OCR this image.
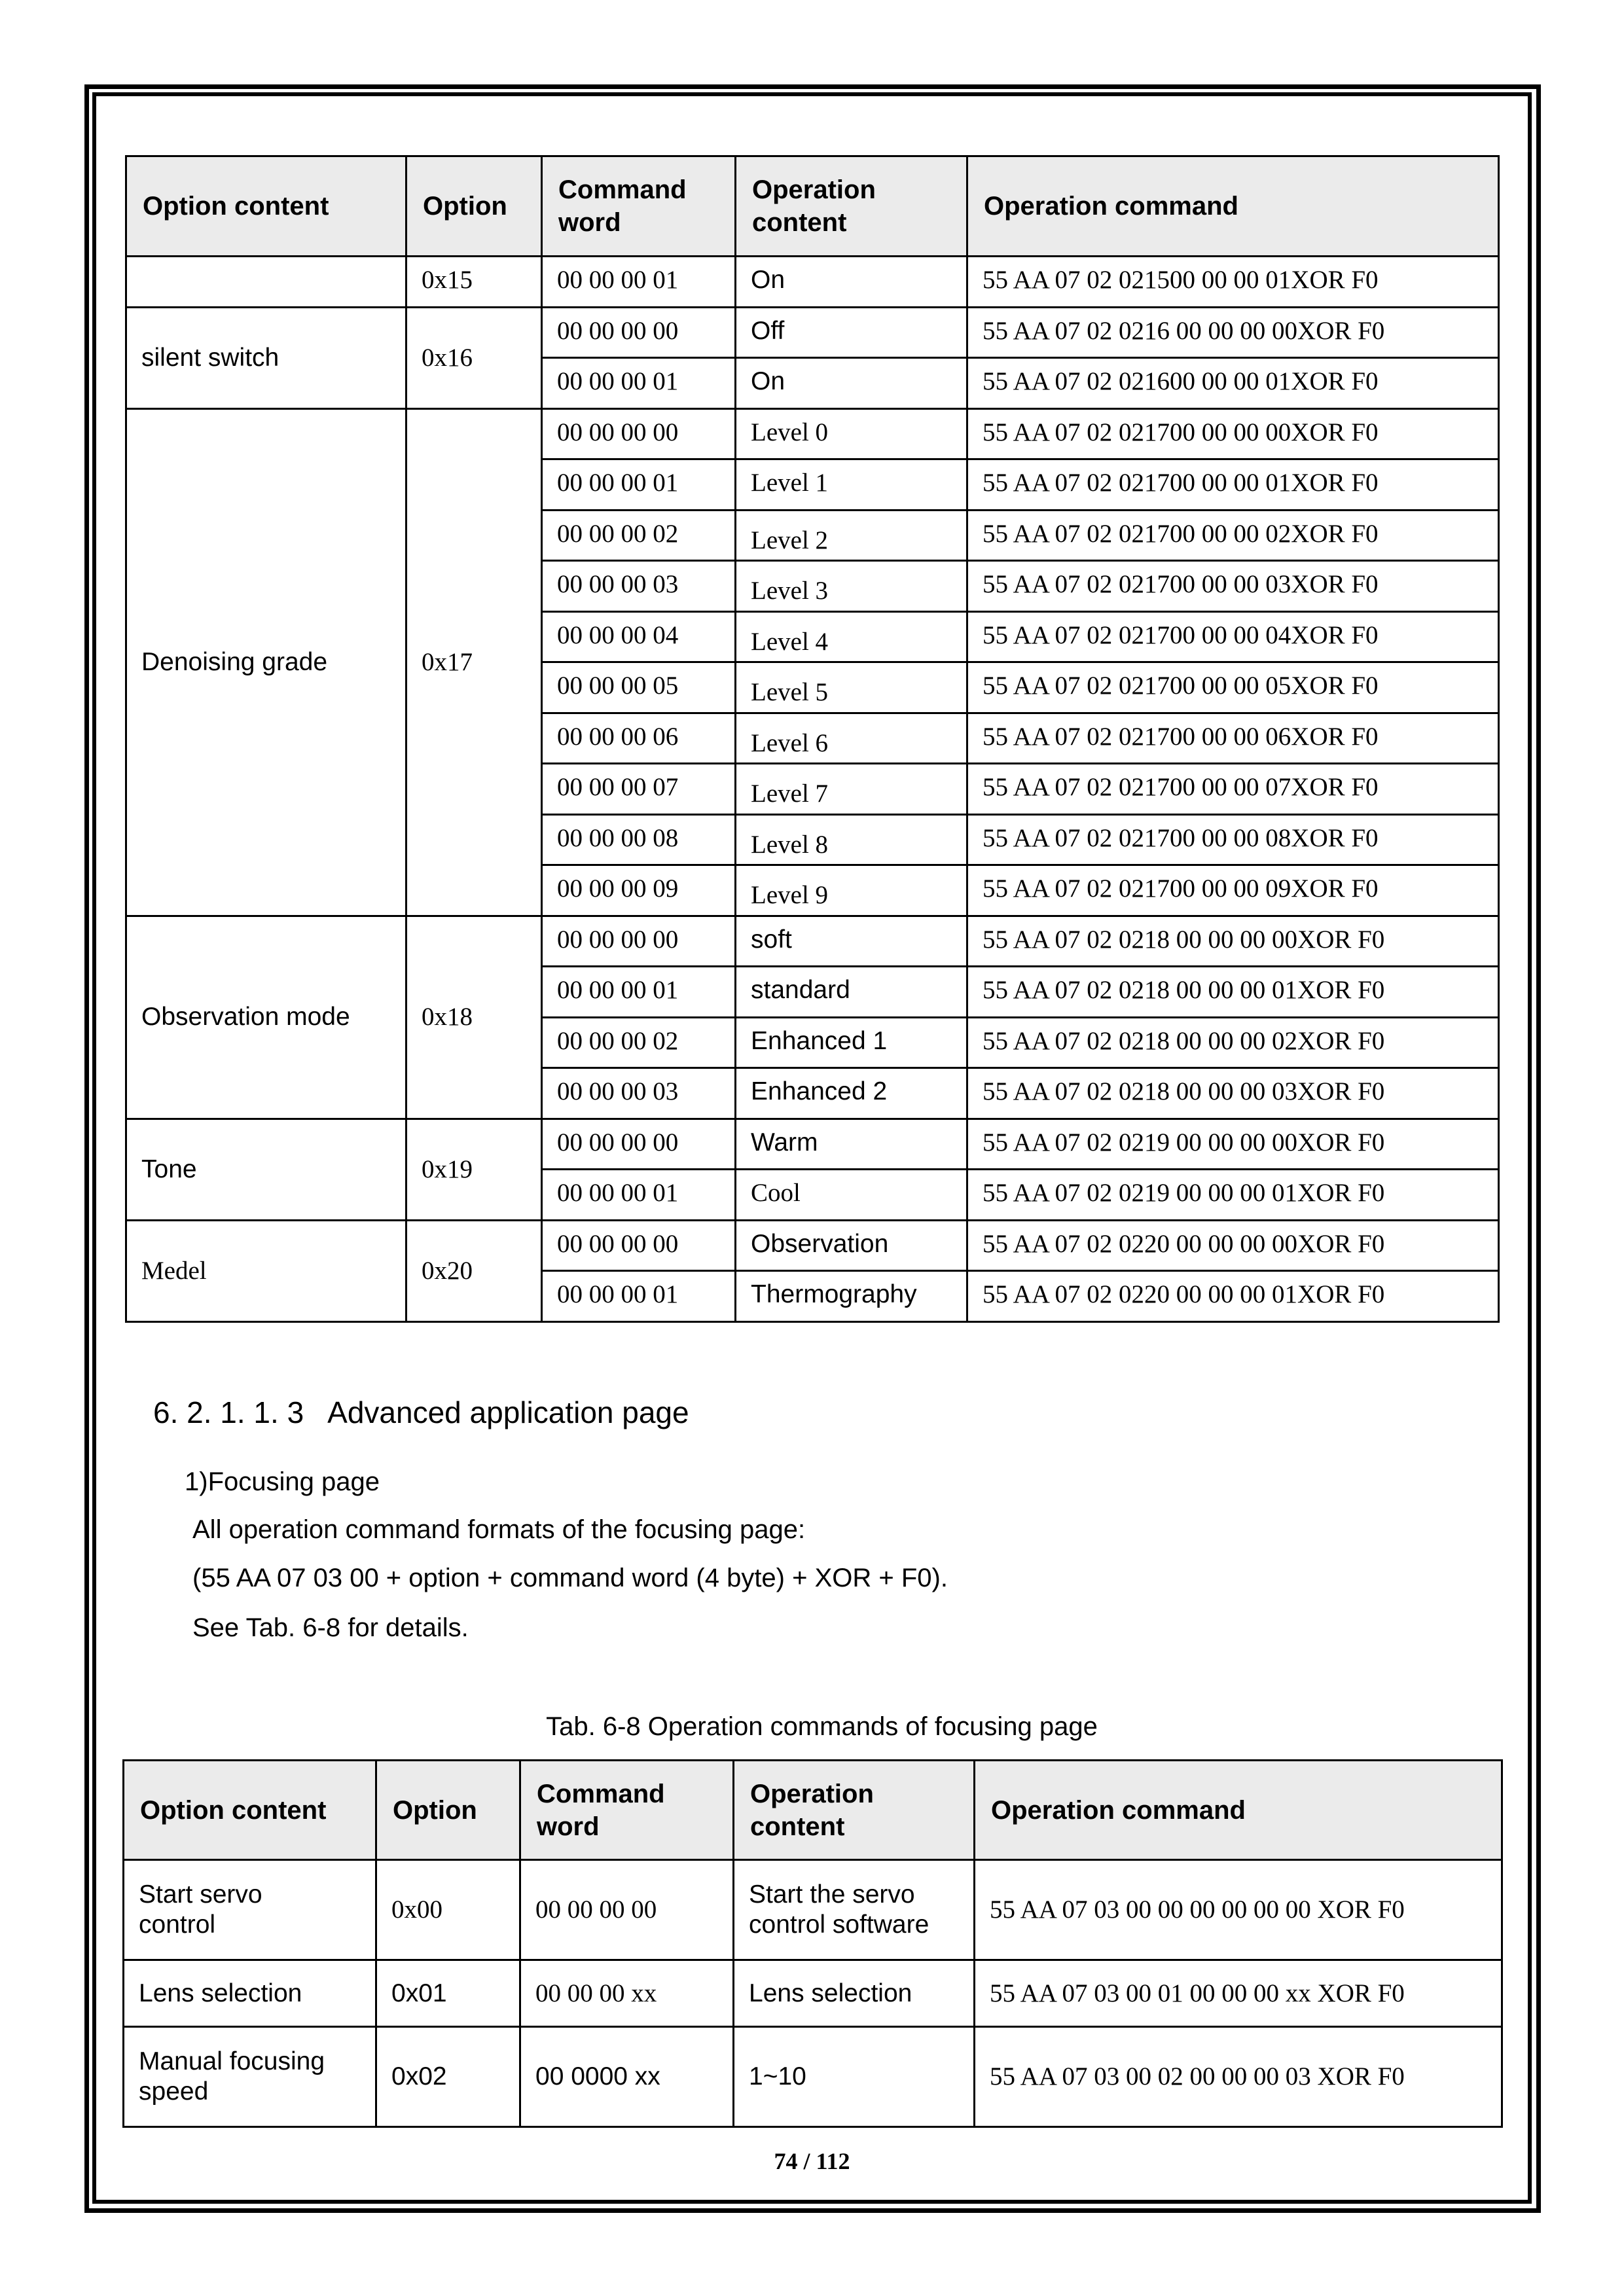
Option content	Option	Command word	Operation content	Operation command
	0x15	00 00 00 01	On	55 AA 07 02 021500 00 00 01XOR F0
silent switch	0x16	00 00 00 00	Off	55 AA 07 02 0216 00 00 00 00XOR F0
		00 00 00 01	On	55 AA 07 02 021600 00 00 01XOR F0
Denoising grade	0x17	00 00 00 00	Level 0	55 AA 07 02 021700 00 00 00XOR F0
		00 00 00 01	Level 1	55 AA 07 02 021700 00 00 01XOR F0
		00 00 00 02	Level 2	55 AA 07 02 021700 00 00 02XOR F0
		00 00 00 03	Level 3	55 AA 07 02 021700 00 00 03XOR F0
		00 00 00 04	Level 4	55 AA 07 02 021700 00 00 04XOR F0
		00 00 00 05	Level 5	55 AA 07 02 021700 00 00 05XOR F0
		00 00 00 06	Level 6	55 AA 07 02 021700 00 00 06XOR F0
		00 00 00 07	Level 7	55 AA 07 02 021700 00 00 07XOR F0
		00 00 00 08	Level 8	55 AA 07 02 021700 00 00 08XOR F0
		00 00 00 09	Level 9	55 AA 07 02 021700 00 00 09XOR F0
Observation mode	0x18	00 00 00 00	soft	55 AA 07 02 0218 00 00 00 00XOR F0
		00 00 00 01	standard	55 AA 07 02 0218 00 00 00 01XOR F0
		00 00 00 02	Enhanced 1	55 AA 07 02 0218 00 00 00 02XOR F0
		00 00 00 03	Enhanced 2	55 AA 07 02 0218 00 00 00 03XOR F0
Tone	0x19	00 00 00 00	Warm	55 AA 07 02 0219 00 00 00 00XOR F0
		00 00 00 01	Cool	55 AA 07 02 0219 00 00 00 01XOR F0
Medel	0x20	00 00 00 00	Observation	55 AA 07 02 0220 00 00 00 00XOR F0
		00 00 00 01	Thermography	55 AA 07 02 0220 00 00 00 01XOR F0
6. 2. 1. 1. 3 Advanced application page
1)Focusing page
All operation command formats of the focusing page:
(55 AA 07 03 00 + option + command word (4 byte) + XOR + F0).
See Tab. 6-8 for details.
Tab. 6-8 Operation commands of focusing page
Option content	Option	Command word	Operation content	Operation command

Start servo control	0x00	00 00 00 00	Start the servo control software	55 AA 07 03 00 00 00 00 00 00 XOR F0
Lens selection	0x01	00 00 00 xx	Lens selection	55 AA 07 03 00 01 00 00 00 xx XOR F0

Manual focusing speed	0x02	00 0000 xx	1~10	55 AA 07 03 00 02 00 00 00 03 XOR F0
74 / 112
